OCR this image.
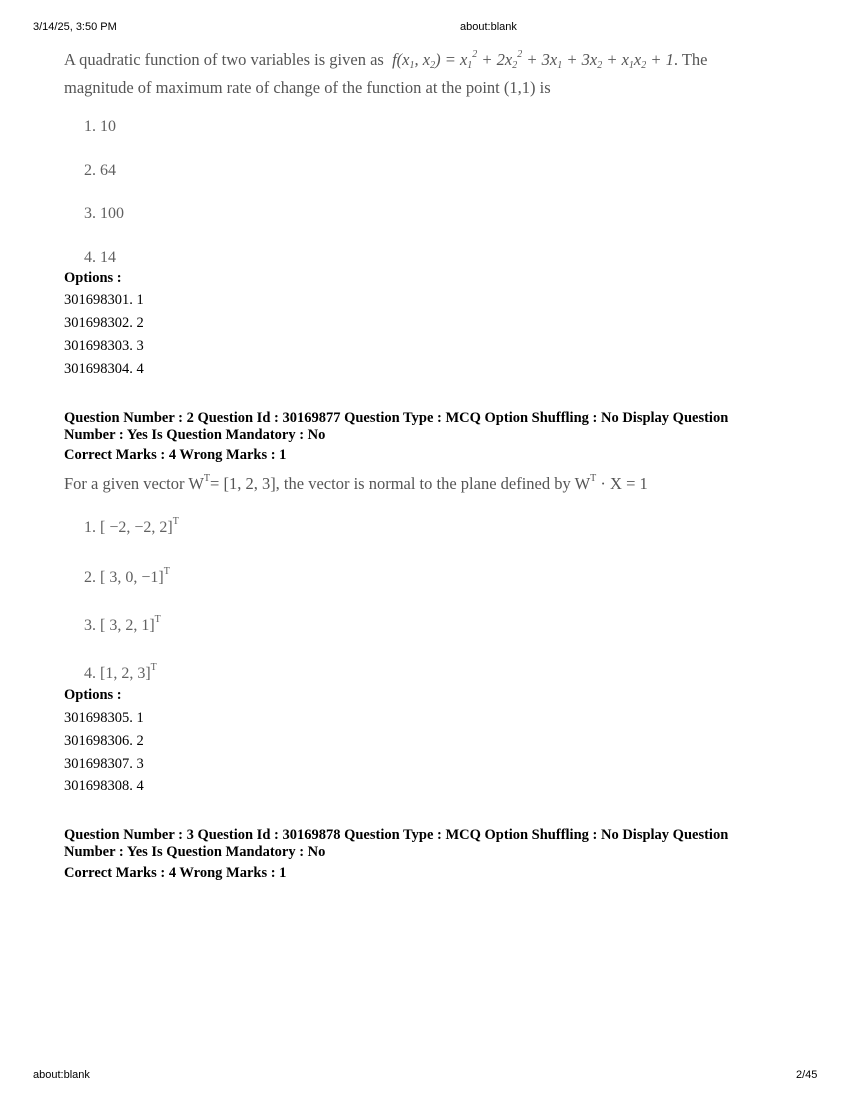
3/14/25, 3:50 PM	about:blank
A quadratic function of two variables is given as  $f(x_1$, $x_2) = x_1^2 + 2x_2^2 + 3x_1 + 3x_2 + x_1x_2 + 1$. The
magnitude of maximum rate of change of the function at the point (1,1) is
1. 10
2. 64
3. 100
4. 14
Options :
301698301. 1
301698302. 2
301698303. 3
301698304. 4
Question Number : 2 Question Id : 30169877 Question Type : MCQ Option Shuffling : No Display Question
Number : Yes Is Question Mandatory : No
Correct Marks : 4 Wrong Marks : 1
For a given vector $W^T= [1$, 2, 3], the vector is normal to the plane defined by $W^T \cdot X = 1$
1. [ −2, −2, 2]$^T$
2. [ 3, 0, −1]$^T$
3. [ 3, 2, 1]$^T$
4. [1, 2, 3]$^T$
Options :
301698305. 1
301698306. 2
301698307. 3
301698308. 4
Question Number : 3 Question Id : 30169878 Question Type : MCQ Option Shuffling : No Display Question
Number : Yes Is Question Mandatory : No
Correct Marks : 4 Wrong Marks : 1
about:blank	2/45
